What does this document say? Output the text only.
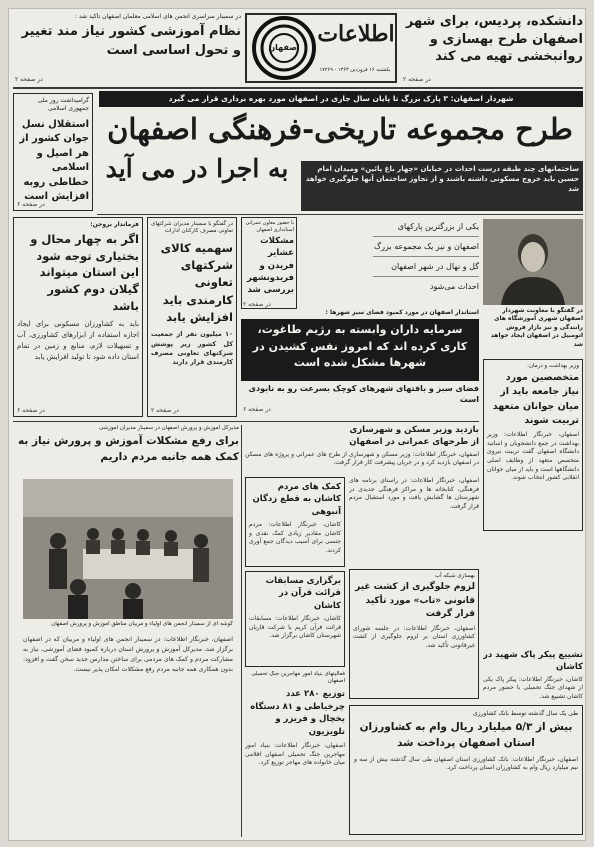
دانشکده، پردیس، برای شهر اصفهان طرح بهسازی و روانبخشی تهیه می کند
در صفحه ۲
اصفهان
اطلاعات
یکشنبه ۱۶ فروردین ۱۳۶۳ - ۱۷۲۶۹
در سمینار سراسری انجمن های اسلامی معلمان اصفهان تأکید شد :
نظام آموزشی کشور نیاز مند تغییر و تحول اساسی است
در صفحه ۲
گرامیداشت روز ملی جمهوری اسلامی
استقلال نسل جوان کشور از هر اصیل و اسلامی خطاطی روبه افزایش است
در صفحه ۶
شهردار اصفهان: ۳ پارک بزرگ تا پایان سال جاری در اصفهان مورد بهره برداری قرار می گیرد
طرح مجموعه تاریخی-فرهنگی اصفهان
به اجرا در می آید	ساختمانهای چند طبقه درست احداث در خیابان «چهار باغ پائین» ومیدان امام حسین باید خروج مسکونی داشته باشند و از تجاوز ساختمان آنها جلوگیری خواهد شد
یکی از بزرگترین پارکهای
اصفهان و نیز یک مجموعه بزرگ
گل و نهال در شهر اصفهان
احداث می‌شود
در گفتگو با معاونت شهردار اصفهان شهری آموزشگاه های رانندگی و نیز بازار فروش اتومبیل در اصفهان ایجاد خواهد شد
فرماندار بروجن:
اگر به چهار محال و بختیاری توجه شود این استان میتواند گیلان دوم کشور باشد
باید به کشاورزان مسکونی برای ایجاد اجازه استفاده از ابزارهای کشاورزی، آب و تسهیلات لازم، منابع و زمین در تمام استان داده شود تا تولید افزایش یابد
در صفحه ۶
در گفتگو با سمینار مدیران شرکتهای تعاونی مصرف کارکنان ادارات
سهمیه کالای شرکتهای تعاونی کارمندی باید افزایش یابد
۱۰ میلیون نفر از جمعیت کل کشور زیر پوشش شرکتهای تعاونی مصرف کارمندی قرار دارند
در صفحه ۲
با حضور معاون عمرانی استانداری اصفهان
مشکلات عشایر فریدن و فریدونشهر بررسی شد
در صفحه ۲
استاندار اصفهان در مورد کمبود فضای سبز شهرها :
سرمایه داران وابسته به رژیم طاغوت، کاری کرده اند که امروز نفس کشیدن در شهرها مشکل شده است
فضای سبز و بافتهای شهرهای کوچک بسرعت رو به نابودی است
در صفحه ۶
وزیر بهداشت و درمان:
متخصصین مورد نیاز جامعه باید از میان جوانان متعهد تربیت شوند
اصفهان، خبرنگار اطلاعات: وزیر بهداشت در جمع دانشجویان و اساتید دانشگاه اصفهان گفت تربیت نیروی متخصص متعهد از وظایف اصلی دانشگاهها است و باید از میان جوانان انقلابی کشور انتخاب شوند.
مدیرکل آموزش و پرورش اصفهان در سمینار مدیران آموزشی
برای رفع مشکلات آموزش و پرورش نیاز به کمک همه جانبه مردم داریم
گوشه ای از سمینار انجمن های اولیاء و مربیان مناطق آموزش و پرورش اصفهان
اصفهان، خبرنگار اطلاعات: در سمینار انجمن های اولیاء و مربیان که در اصفهان برگزار شد، مدیرکل آموزش و پرورش استان درباره کمبود فضای آموزشی، نیاز به مشارکت مردم و کمک های مردمی برای ساختن مدارس جدید سخن گفت و افزود: بدون همکاری همه جانبه مردم رفع مشکلات امکان پذیر نیست.
بازدید وزیر مسکن و شهرسازی
از طرحهای عمرانی در اصفهان
اصفهان، خبرنگار اطلاعات: وزیر مسکن و شهرسازی از طرح های عمرانی و پروژه های مسکن در اصفهان بازدید کرد و در جریان پیشرفت کار قرار گرفت.
کمک های مردم کاشان به قطع زدگان آنبوهی
کاشان، خبرنگار اطلاعات: مردم کاشان مقادیر زیادی کمک نقدی و جنسی برای آسیب دیدگان جمع آوری کردند.
اصفهان، خبرنگار اطلاعات: در راستای برنامه های فرهنگی، کتابخانه ها و مراکز فرهنگی جدیدی در شهرستان ها گشایش یافت و مورد استقبال مردم قرار گرفت.
بهسازی شبکه آب
لزوم جلوگیری از کشت غیر قانونی «تاب» مورد تأکید قرار گرفت
اصفهان، خبرنگار اطلاعات: در جلسه شورای کشاورزی استان بر لزوم جلوگیری از کشت غیرقانونی تأکید شد.
برگزاری مسابقات قرائت قرآن در کاشان
کاشان، خبرنگار اطلاعات: مسابقات قرائت قرآن کریم با شرکت قاریان شهرستان کاشان برگزار شد.
فعالیتهای بنیاد امور مهاجرین جنگ تحمیلی اصفهان
توزیع ۲۸۰ عدد چرخیاطی و ۸۱ دستگاه یخچال و فریزر و تلویزیون
اصفهان، خبرنگار اطلاعات: بنیاد امور مهاجرین جنگ تحمیلی اصفهان اقلامی میان خانواده های مهاجر توزیع کرد.
تشییع پیکر پاک شهید در کاشان
کاشان، خبرنگار اطلاعات: پیکر پاک یکی از شهدای جنگ تحمیلی با حضور مردم کاشان تشییع شد.
طی یک سال گذشته توسط بانک کشاورزی
بیش از ۵/۳ میلیارد ریال وام به کشاورزان استان اصفهان پرداخت شد
اصفهان، خبرنگار اطلاعات: بانک کشاورزی استان اصفهان طی سال گذشته بیش از سه و نیم میلیارد ریال وام به کشاورزان استان پرداخت کرد.
